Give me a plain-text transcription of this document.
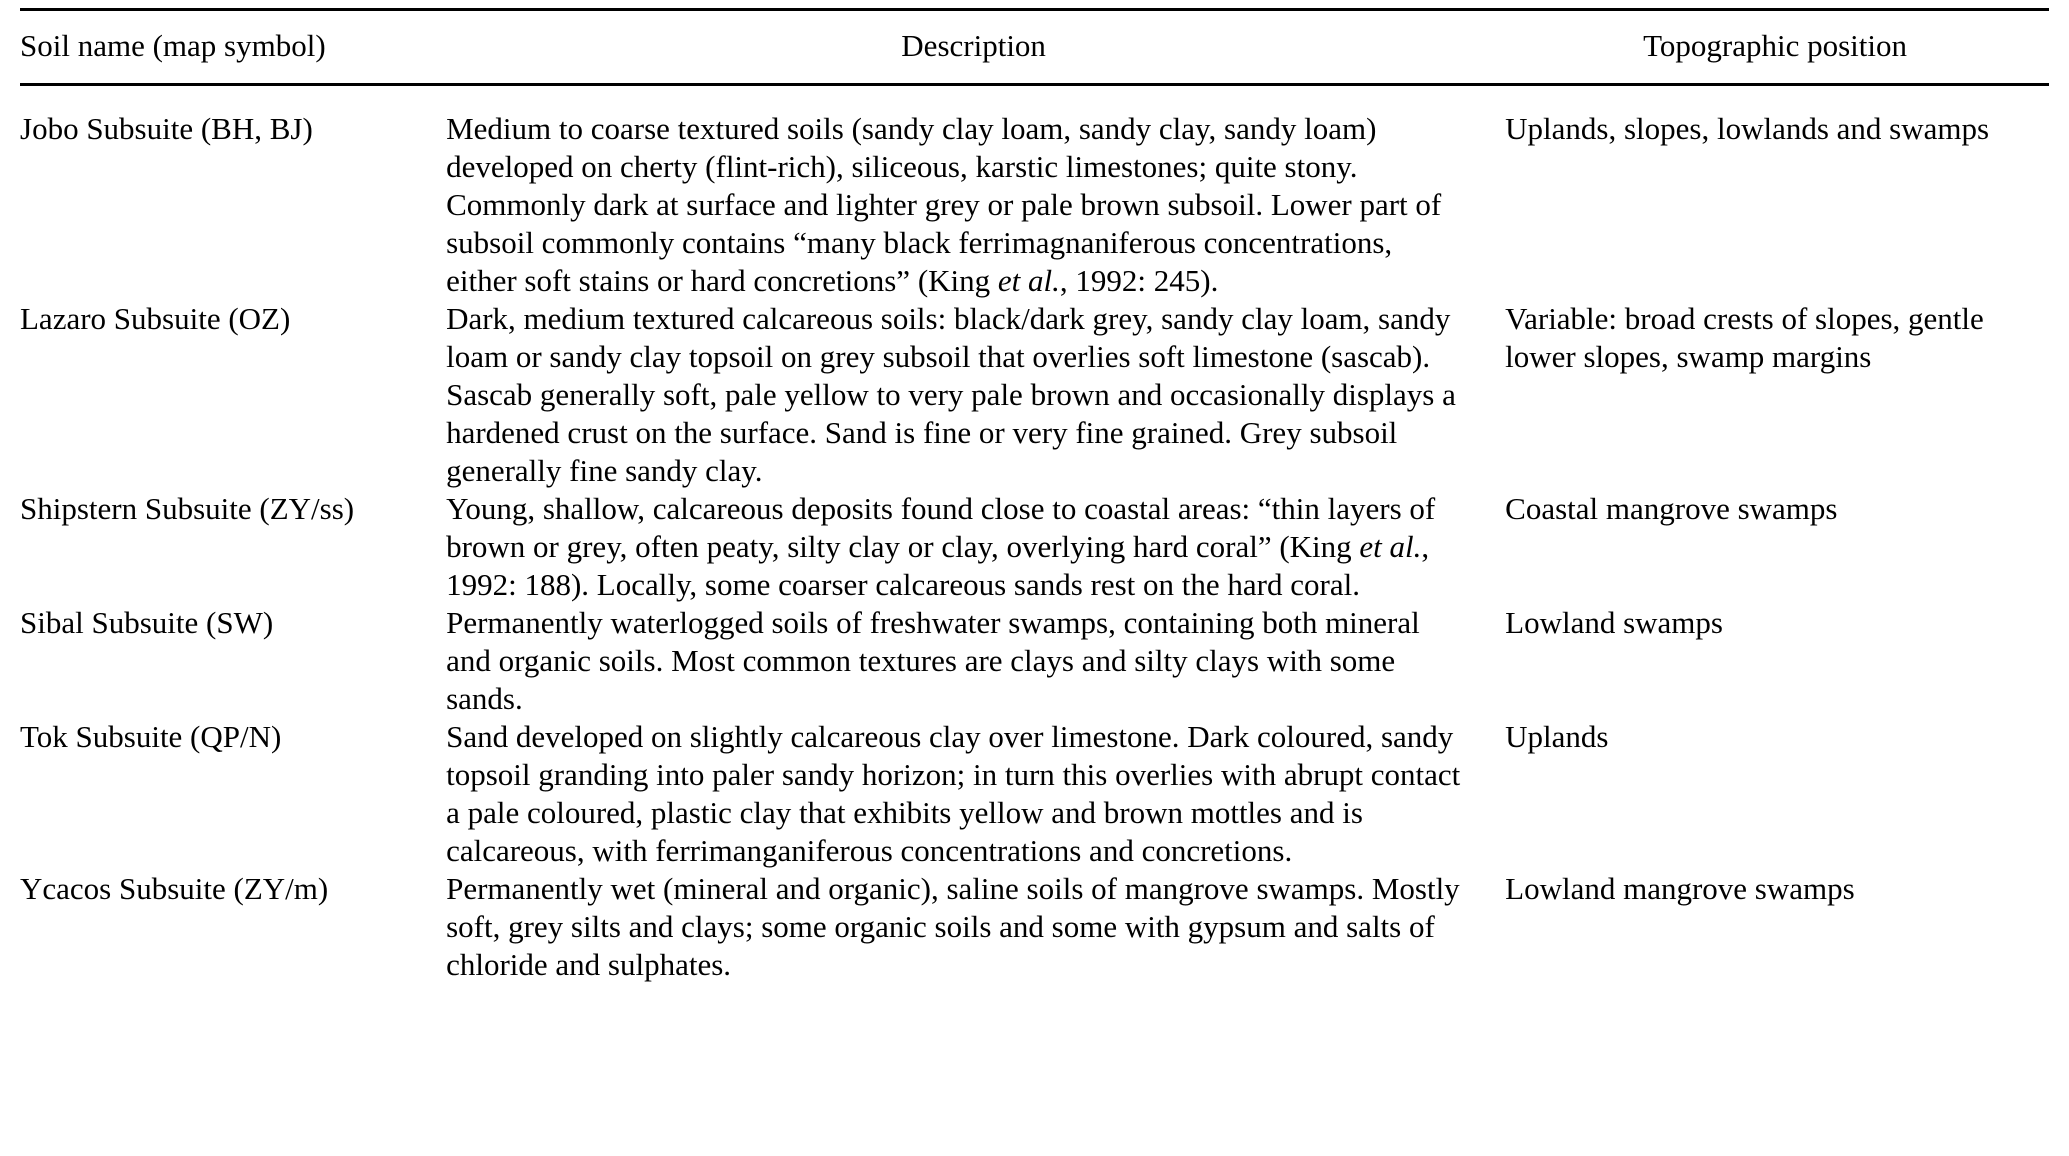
Soil name (map symbol)	Description	Topographic position
Jobo Subsuite (BH, BJ)	Medium to coarse textured soils (sandy clay loam, sandy clay, sandy loam) developed on cherty (flint-rich), siliceous, karstic limestones; quite stony. Commonly dark at surface and lighter grey or pale brown subsoil. Lower part of subsoil commonly contains “many black ferrimagnaniferous concentrations, either soft stains or hard concretions” (King et al., 1992: 245).	Uplands, slopes, lowlands and swamps
Lazaro Subsuite (OZ)	Dark, medium textured calcareous soils: black/dark grey, sandy clay loam, sandy loam or sandy clay topsoil on grey subsoil that overlies soft limestone (sascab). Sascab generally soft, pale yellow to very pale brown and occasionally displays a hardened crust on the surface. Sand is fine or very fine grained. Grey subsoil generally fine sandy clay.	Variable: broad crests of slopes, gentle lower slopes, swamp margins
Shipstern Subsuite (ZY/ss)	Young, shallow, calcareous deposits found close to coastal areas: “thin layers of brown or grey, often peaty, silty clay or clay, overlying hard coral” (King et al., 1992: 188). Locally, some coarser calcareous sands rest on the hard coral.	Coastal mangrove swamps
Sibal Subsuite (SW)	Permanently waterlogged soils of freshwater swamps, containing both mineral and organic soils. Most common textures are clays and silty clays with some sands.	Lowland swamps
Tok Subsuite (QP/N)	Sand developed on slightly calcareous clay over limestone. Dark coloured, sandy topsoil granding into paler sandy horizon; in turn this overlies with abrupt contact a pale coloured, plastic clay that exhibits yellow and brown mottles and is calcareous, with ferrimanganiferous concentrations and concretions.	Uplands
Ycacos Subsuite (ZY/m)	Permanently wet (mineral and organic), saline soils of mangrove swamps. Mostly soft, grey silts and clays; some organic soils and some with gypsum and salts of chloride and sulphates.	Lowland mangrove swamps
